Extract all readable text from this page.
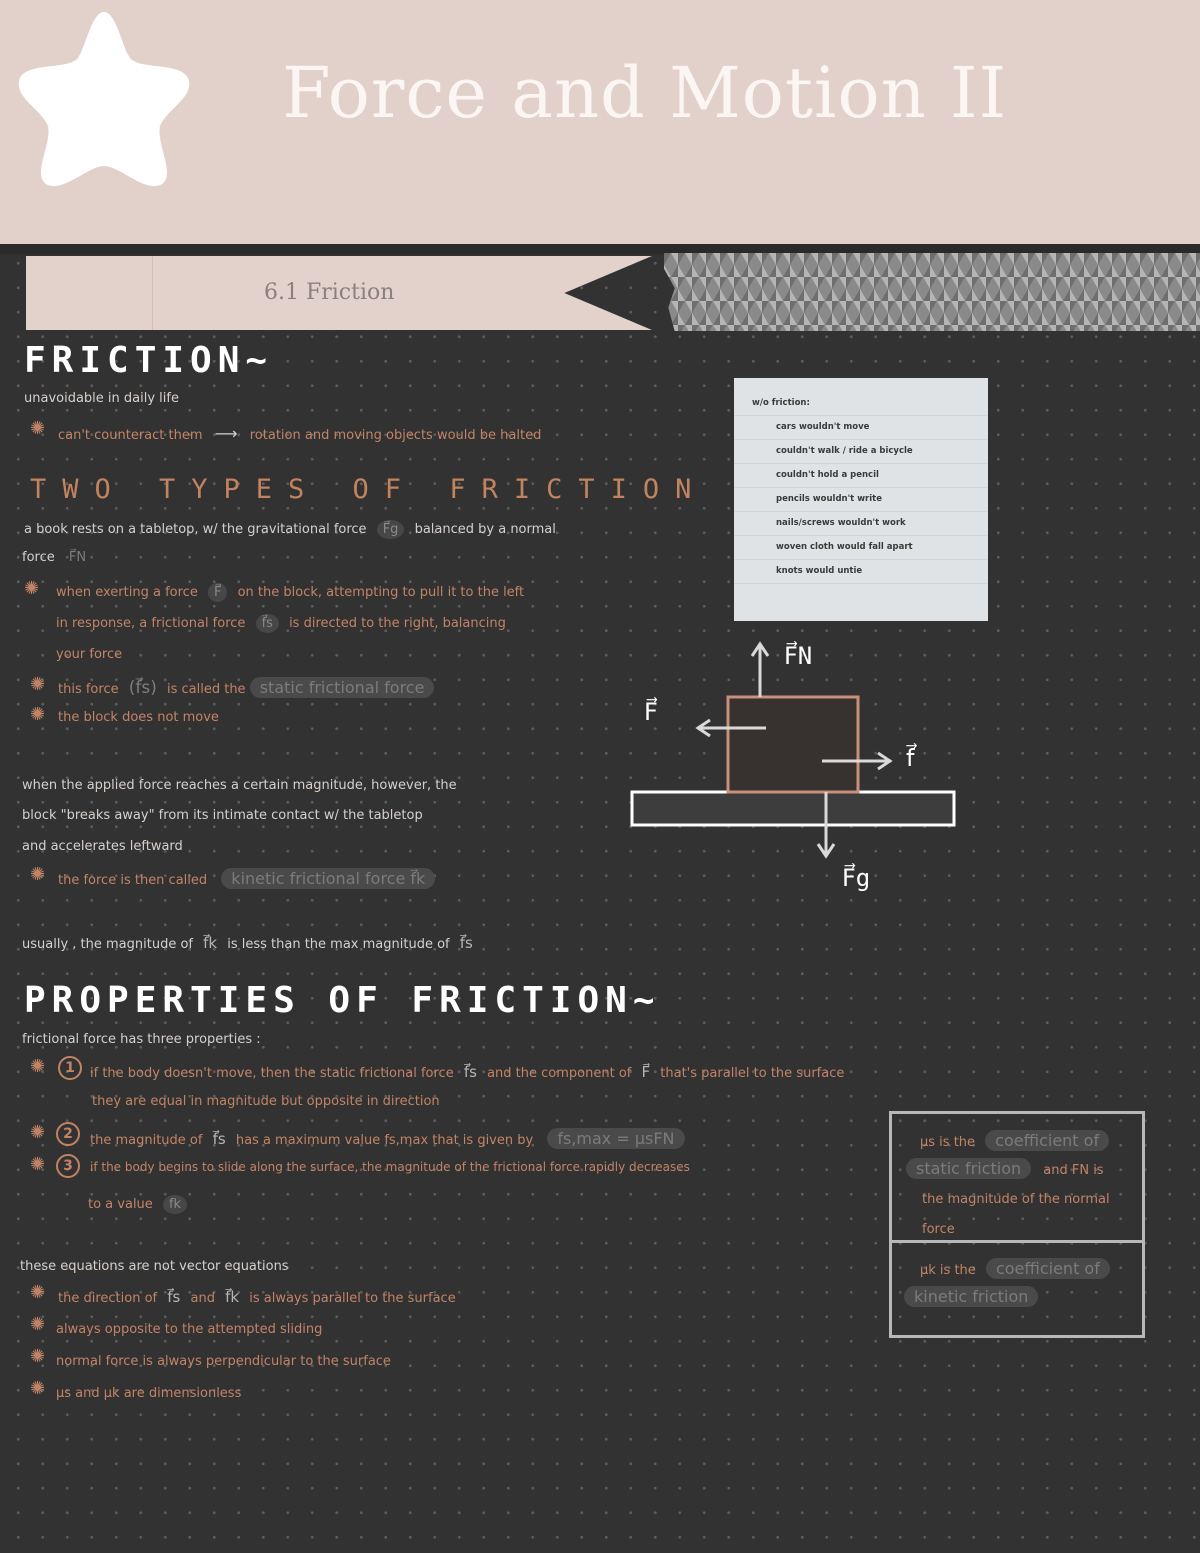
Force and Motion II
6.1 Friction
FRICTION~
unavoidable in daily life
✺ can't counteract them ⟶ rotation and moving objects would be halted
TWO TYPES OF FRICTION
a book rests on a tabletop, w/ the gravitational force F⃗g balanced by a normal
force F⃗N
✺ when exerting a force F⃗ on the block, attempting to pull it to the left
in response, a frictional force f⃗s is directed to the right, balancing
your force
✺ this force (f⃗s) is called the static frictional force
✺ the block does not move
when the applied force reaches a certain magnitude, however, the
block "breaks away" from its intimate contact w/ the tabletop
and accelerates leftward
✺ the force is then called kinetic frictional force f⃗k
usually , the magnitude of f⃗k is less than the max magnitude of f⃗s
w/o friction:
cars wouldn't move
couldn't walk / ride a bicycle
couldn't hold a pencil
pencils wouldn't write
nails/screws wouldn't work
woven cloth would fall apart
knots would untie
F⃗N
F⃗
f⃗
F⃗g
PROPERTIES OF FRICTION~
frictional force has three properties :
✺	1	if the body doesn't move, then the static frictional force f⃗s and the component of F⃗ that's parallel to the surface
they are equal in magnitude but opposite in direction
✺	2	the magnitude of f⃗s has a maximum value fs,max that is given by fs,max = μsFN
✺	3	if the body begins to slide along the surface, the magnitude of the frictional force rapidly decreases
to a value fk
these equations are not vector equations
✺ the direction of f⃗s and f⃗k is always parallel to the surface
✺ always opposite to the attempted sliding
✺ normal force is always perpendicular to the surface
✺ μs and μk are dimensionless
μs is the coefficient of
static friction and FN is
the magnitude of the normal
force
μk is the coefficient of
kinetic friction
